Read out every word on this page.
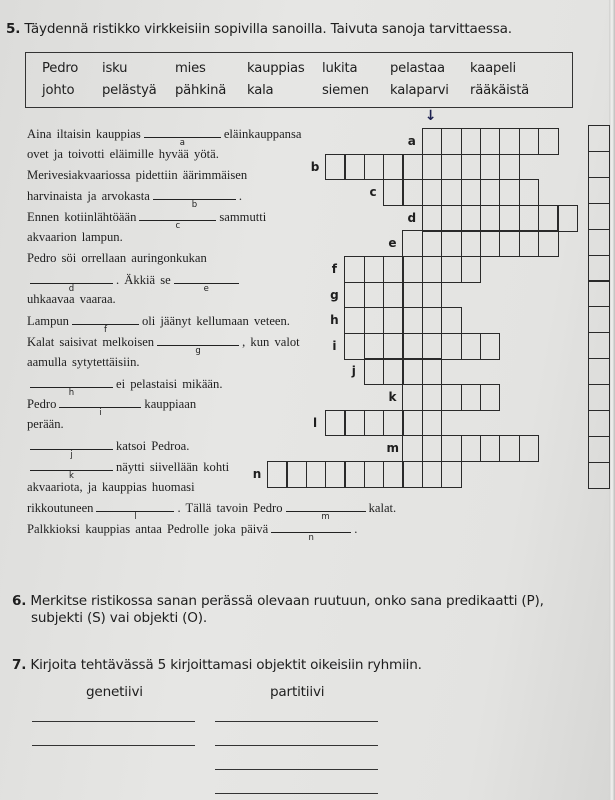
5. Täydennä ristikko virkkeisiin sopivilla sanoilla. Taivuta sanoja tarvittaessa.
Pedro isku	mies	kauppias lukita pelastaa kaapeli
johto pelästyä pähkinä kala	siemen kalaparvi rääkäistä
Aina iltaisin kauppias
a
eläinkauppansa
ovet ja toivotti eläimille hyvää yötä.
Merivesiakvaariossa pidettiin äärimmäisen
harvinaista ja arvokasta
b
.
Ennen kotiinlähtöään
c
sammutti
akvaarion lampun.
Pedro söi orrellaan auringonkukan
d
. Äkkiä se
e
uhkaavaa vaaraa.
Lampun
f
oli jäänyt kellumaan veteen.
Kalat saisivat melkoisen
g
, kun valot
aamulla sytytettäisiin.
h
ei pelastaisi mikään.
Pedro
i
kauppiaan
perään.
j
katsoi Pedroa.
k
näytti siivellään kohti
akvaariota, ja kauppias huomasi
rikkoutuneen
l
. Tällä tavoin Pedro
m
kalat.
Palkkioksi kauppias antaa Pedrolle joka päivä
n
.
a
b
c
d
e
f
g
h
i
j
k
l
m
n
↓
6. Merkitse ristikossa sanan perässä olevaan ruutuun, onko sana predikaatti (P),
subjekti (S) vai objekti (O).
7. Kirjoita tehtävässä 5 kirjoittamasi objektit oikeisiin ryhmiin.
genetiivi	partitiivi
